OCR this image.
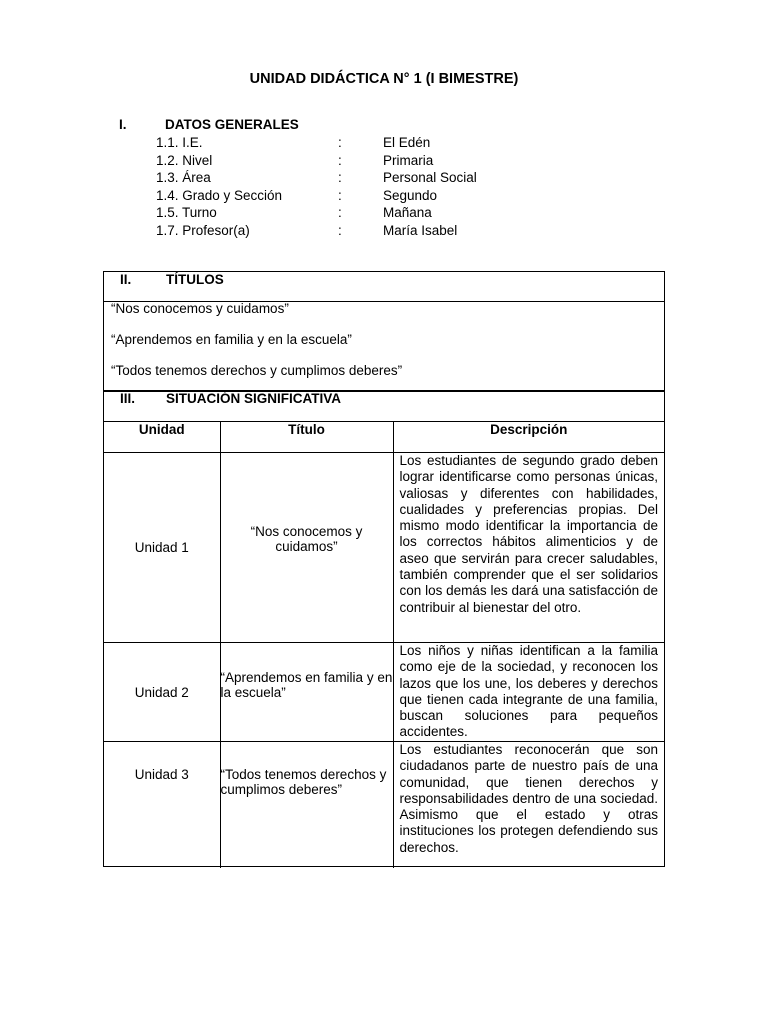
UNIDAD DIDÁCTICA N° 1 (I BIMESTRE)
I.	DATOS GENERALES
1.1. I.E.	:	El Edén
1.2. Nivel	:	Primaria
1.3. Área	:	Personal Social
1.4. Grado y Sección	:	Segundo
1.5. Turno	:	Mañana
1.7. Profesor(a)	:	María Isabel
II.	TÍTULOS
“Nos conocemos y cuidamos”
“Aprendemos en familia y en la escuela”
“Todos tenemos derechos y cumplimos deberes”
III. SITUACIÓN SIGNIFICATIVA
Unidad	Título	Descripción
Unidad 1	“Nos conocemos y cuidamos”	Los estudiantes de segundo grado deben lograr identificarse como personas únicas, valiosas y diferentes con habilidades, cualidades y preferencias propias. Del mismo modo identificar la importancia de los correctos hábitos alimenticios y de aseo que servirán para crecer saludables, también comprender que el ser solidarios con los demás les dará una satisfacción de contribuir al bienestar del otro.
Unidad 2	“Aprendemos en familia y en la escuela”	Los niños y niñas identifican a la familia como eje de la sociedad, y reconocen los lazos que los une, los deberes y derechos que tienen cada integrante de una familia, buscan soluciones para pequeños accidentes.
Unidad 3	“Todos tenemos derechos y cumplimos deberes”	Los estudiantes reconocerán que son ciudadanos parte de nuestro país de una comunidad, que tienen derechos y responsabilidades dentro de una sociedad. Asimismo que el estado y otras instituciones los protegen defendiendo sus derechos.
